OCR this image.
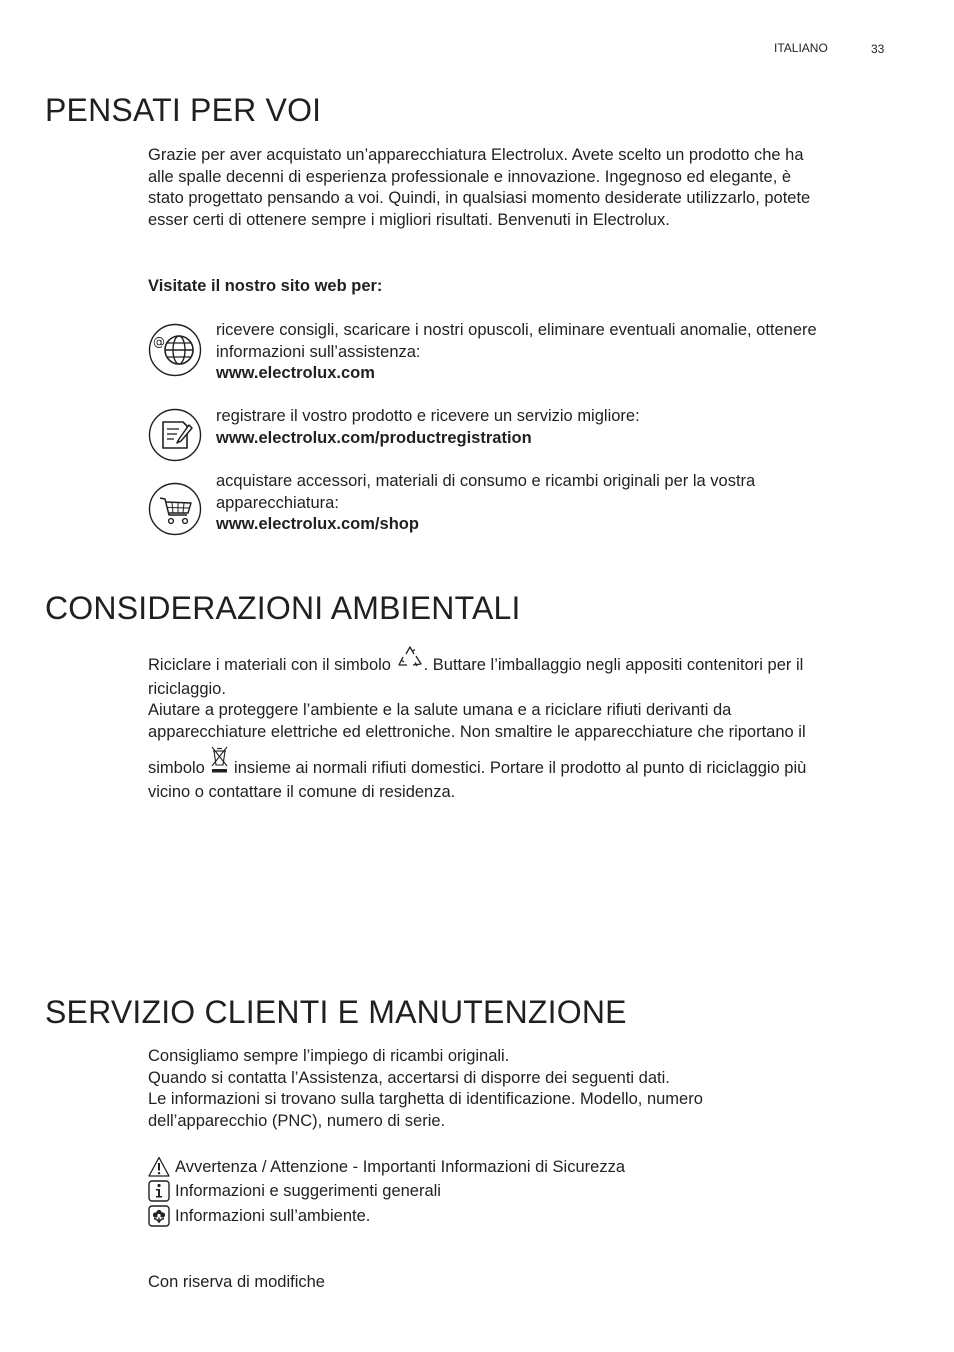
ITALIANO	33
PENSATI PER VOI

Grazie per aver acquistato un’apparecchiatura Electrolux. Avete scelto un prodotto che ha

alle spalle decenni di esperienza professionale e innovazione. Ingegnoso ed elegante, è

stato progettato pensando a voi. Quindi, in qualsiasi momento desiderate utilizzarlo, potete

esser certi di ottenere sempre i migliori risultati. Benvenuti in Electrolux.

Visitate il nostro sito web per:
@

ricevere consigli, scaricare i nostri opuscoli, eliminare eventuali anomalie, ottenere

informazioni sull’assistenza:

www.electrolux.com

registrare il vostro prodotto e ricevere un servizio migliore:

www.electrolux.com/productregistration

acquistare accessori, materiali di consumo e ricambi originali per la vostra

apparecchiatura:

www.electrolux.com/shop

CONSIDERAZIONI AMBIENTALI

Riciclare i materiali con il simbolo . Buttare l’imballaggio negli appositi contenitori per il

riciclaggio.

Aiutare a proteggere l’ambiente e la salute umana e a riciclare rifiuti derivanti da

apparecchiature elettriche ed elettroniche. Non smaltire le apparecchiature che riportano il

simbolo insieme ai normali rifiuti domestici. Portare il prodotto al punto di riciclaggio più

vicino o contattare il comune di residenza.

SERVIZIO CLIENTI E MANUTENZIONE

Consigliamo sempre l’impiego di ricambi originali.

Quando si contatta l’Assistenza, accertarsi di disporre dei seguenti dati.

Le informazioni si trovano sulla targhetta di identificazione. Modello, numero

dell’apparecchio (PNC), numero di serie.

Avvertenza / Attenzione - Importanti Informazioni di Sicurezza
Informazioni e suggerimenti generali
Informazioni sull’ambiente.
Con riserva di modifiche
